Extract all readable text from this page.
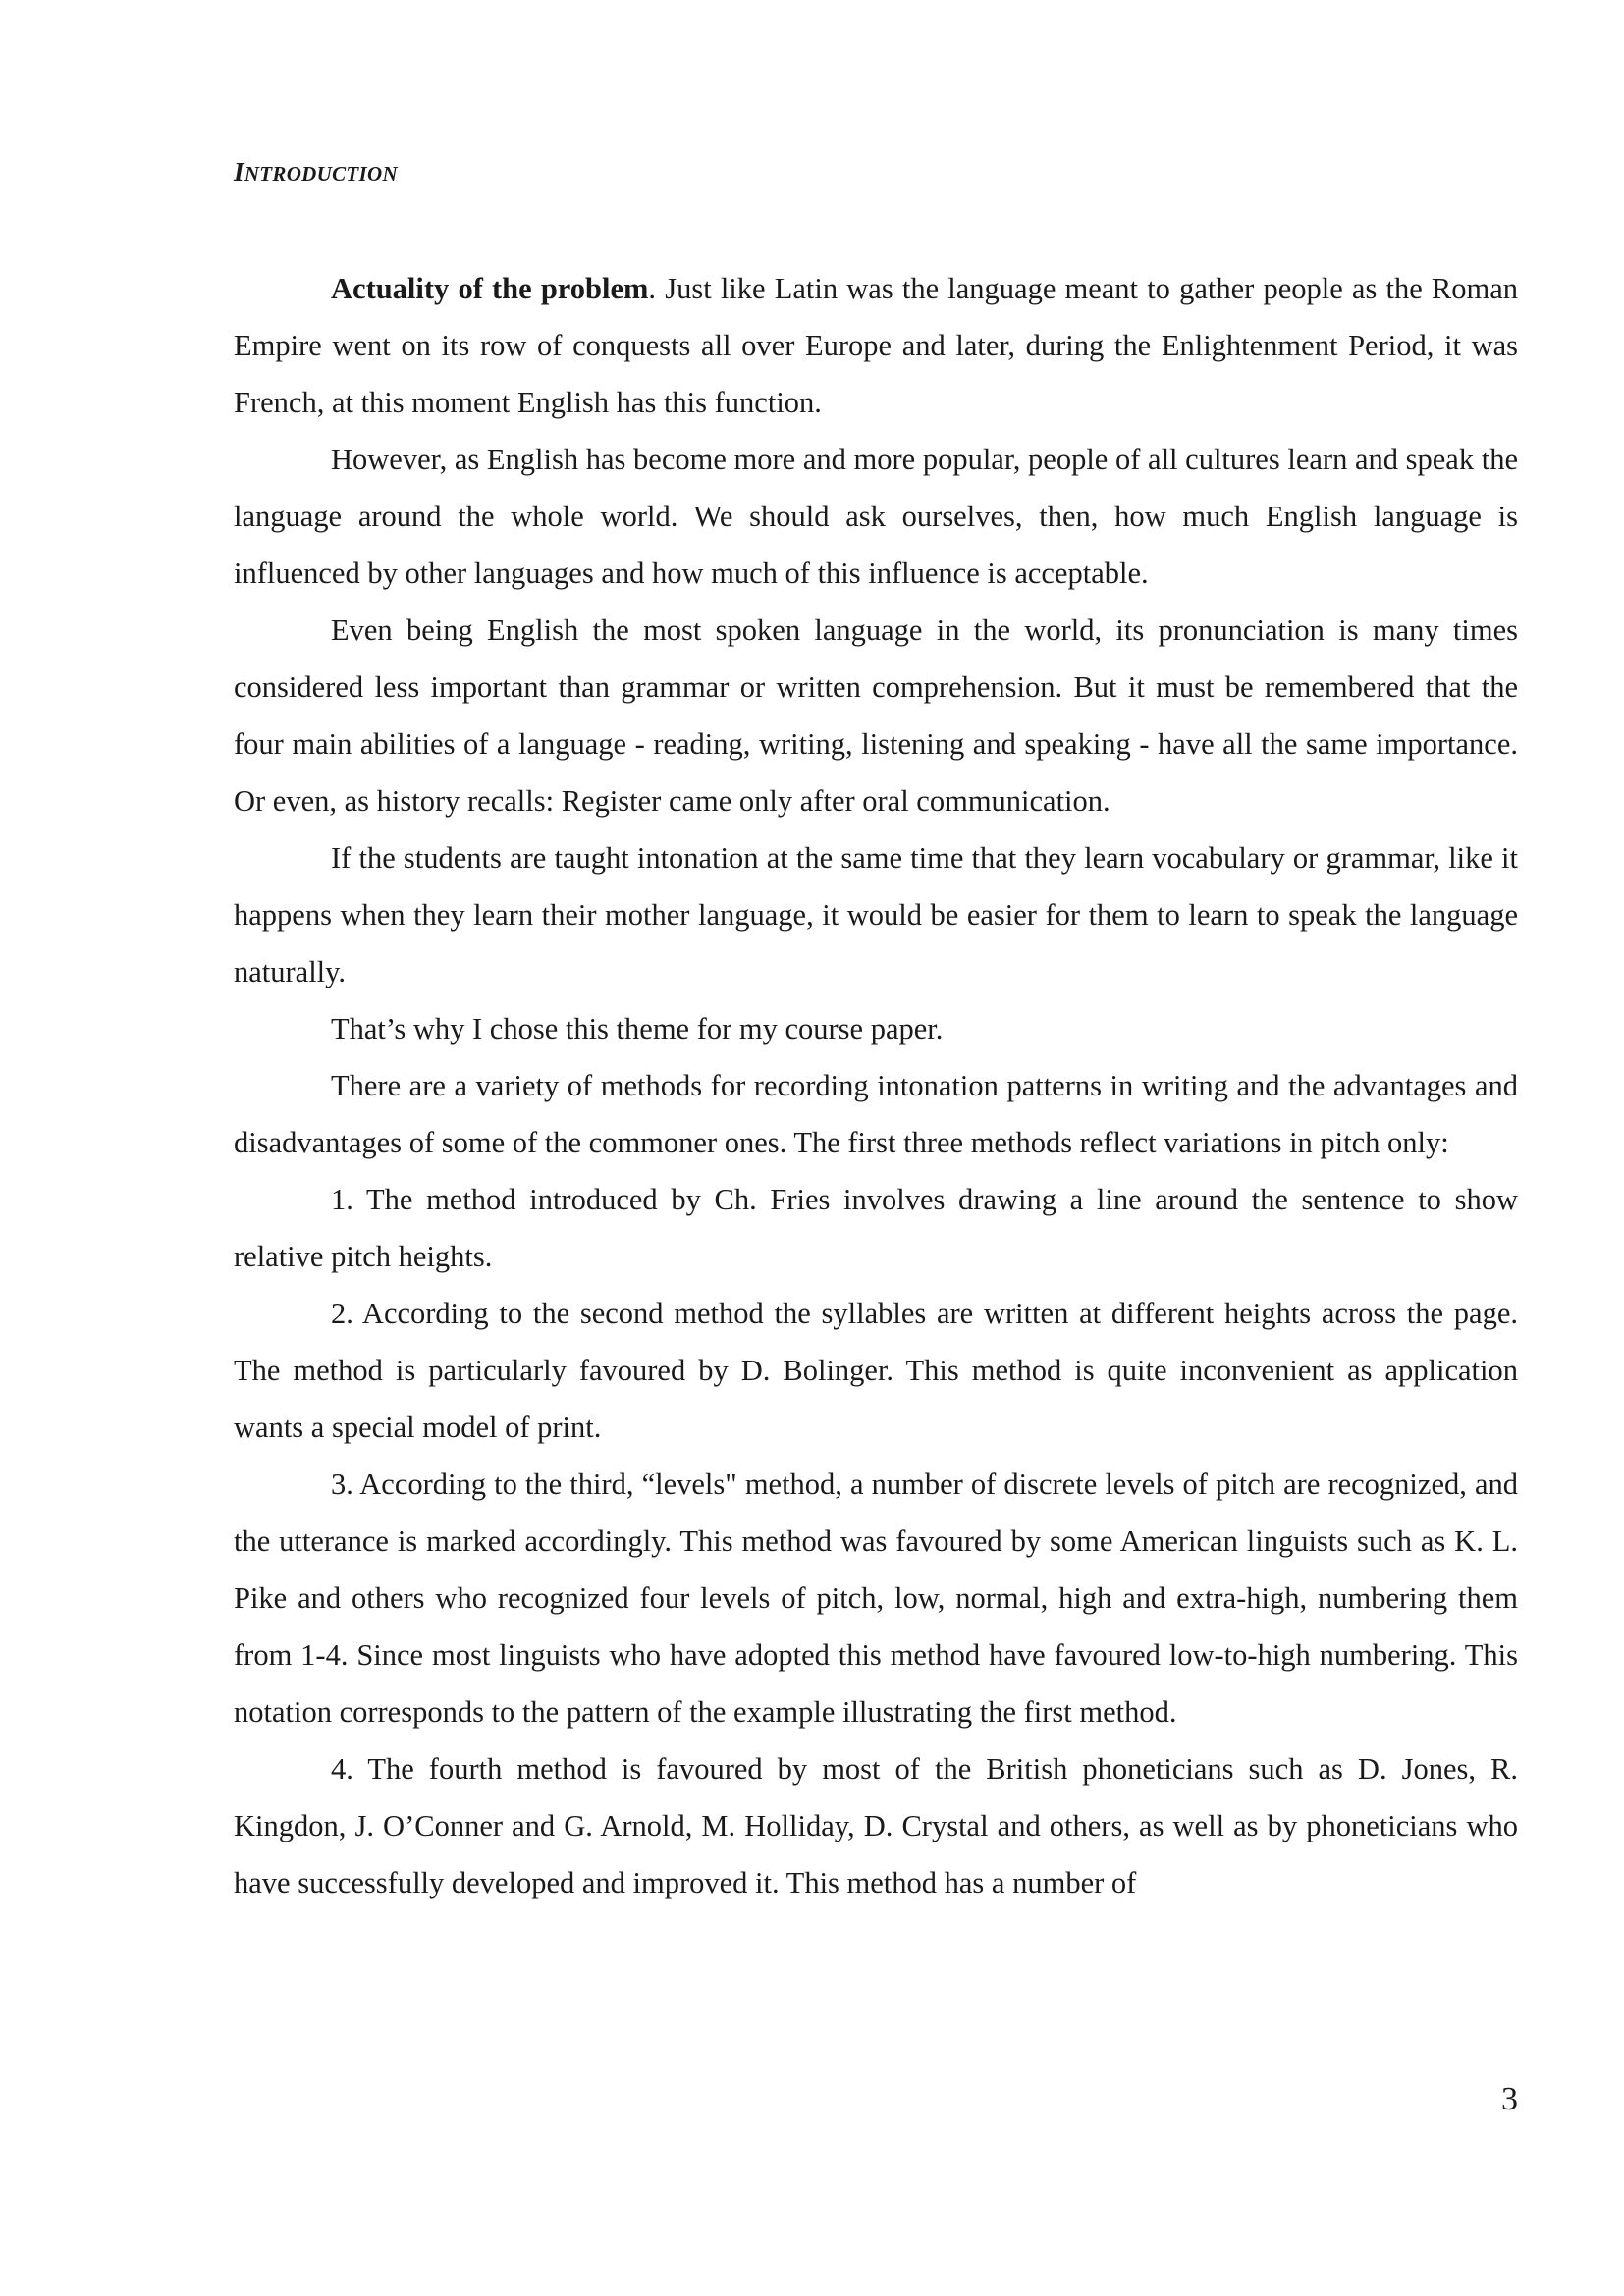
INTRODUCTION

Actuality of the problem. Just like Latin was the language meant to gather people as the Roman Empire went on its row of conquests all over Europe and later, during the Enlightenment Period, it was French, at this moment English has this function.

However, as English has become more and more popular, people of all cultures learn and speak the language around the whole world. We should ask ourselves, then, how much English language is influenced by other languages and how much of this influence is acceptable.

Even being English the most spoken language in the world, its pronunciation is many times considered less important than grammar or written comprehension. But it must be remembered that the four main abilities of a language - reading, writing, listening and speaking - have all the same importance. Or even, as history recalls: Register came only after oral communication.

If the students are taught intonation at the same time that they learn vocabulary or grammar, like it happens when they learn their mother language, it would be easier for them to learn to speak the language naturally.

That’s why I chose this theme for my course paper.

There are a variety of methods for recording intonation patterns in writing and the advantages and disadvantages of some of the commoner ones. The first three methods reflect variations in pitch only:

1. The method introduced by Ch. Fries involves drawing a line around the sentence to show relative pitch heights.

2. According to the second method the syllables are written at different heights across the page. The method is particularly favoured by D. Bolinger. This method is quite inconvenient as application wants a special model of print.

3. According to the third, “levels" method, a number of discrete levels of pitch are recognized, and the utterance is marked accordingly. This method was favoured by some American linguists such as K. L. Pike and others who recognized four levels of pitch, low, normal, high and extra-high, numbering them from 1-4. Since most linguists who have adopted this method have favoured low-to-high numbering. This notation corresponds to the pattern of the example illustrating the first method.

4. The fourth method is favoured by most of the British phoneticians such as D. Jones, R. Kingdon, J. O’Conner and G. Arnold, M. Holliday, D. Crystal and others, as well as by phoneticians who have successfully developed and improved it. This method has a number of

3
